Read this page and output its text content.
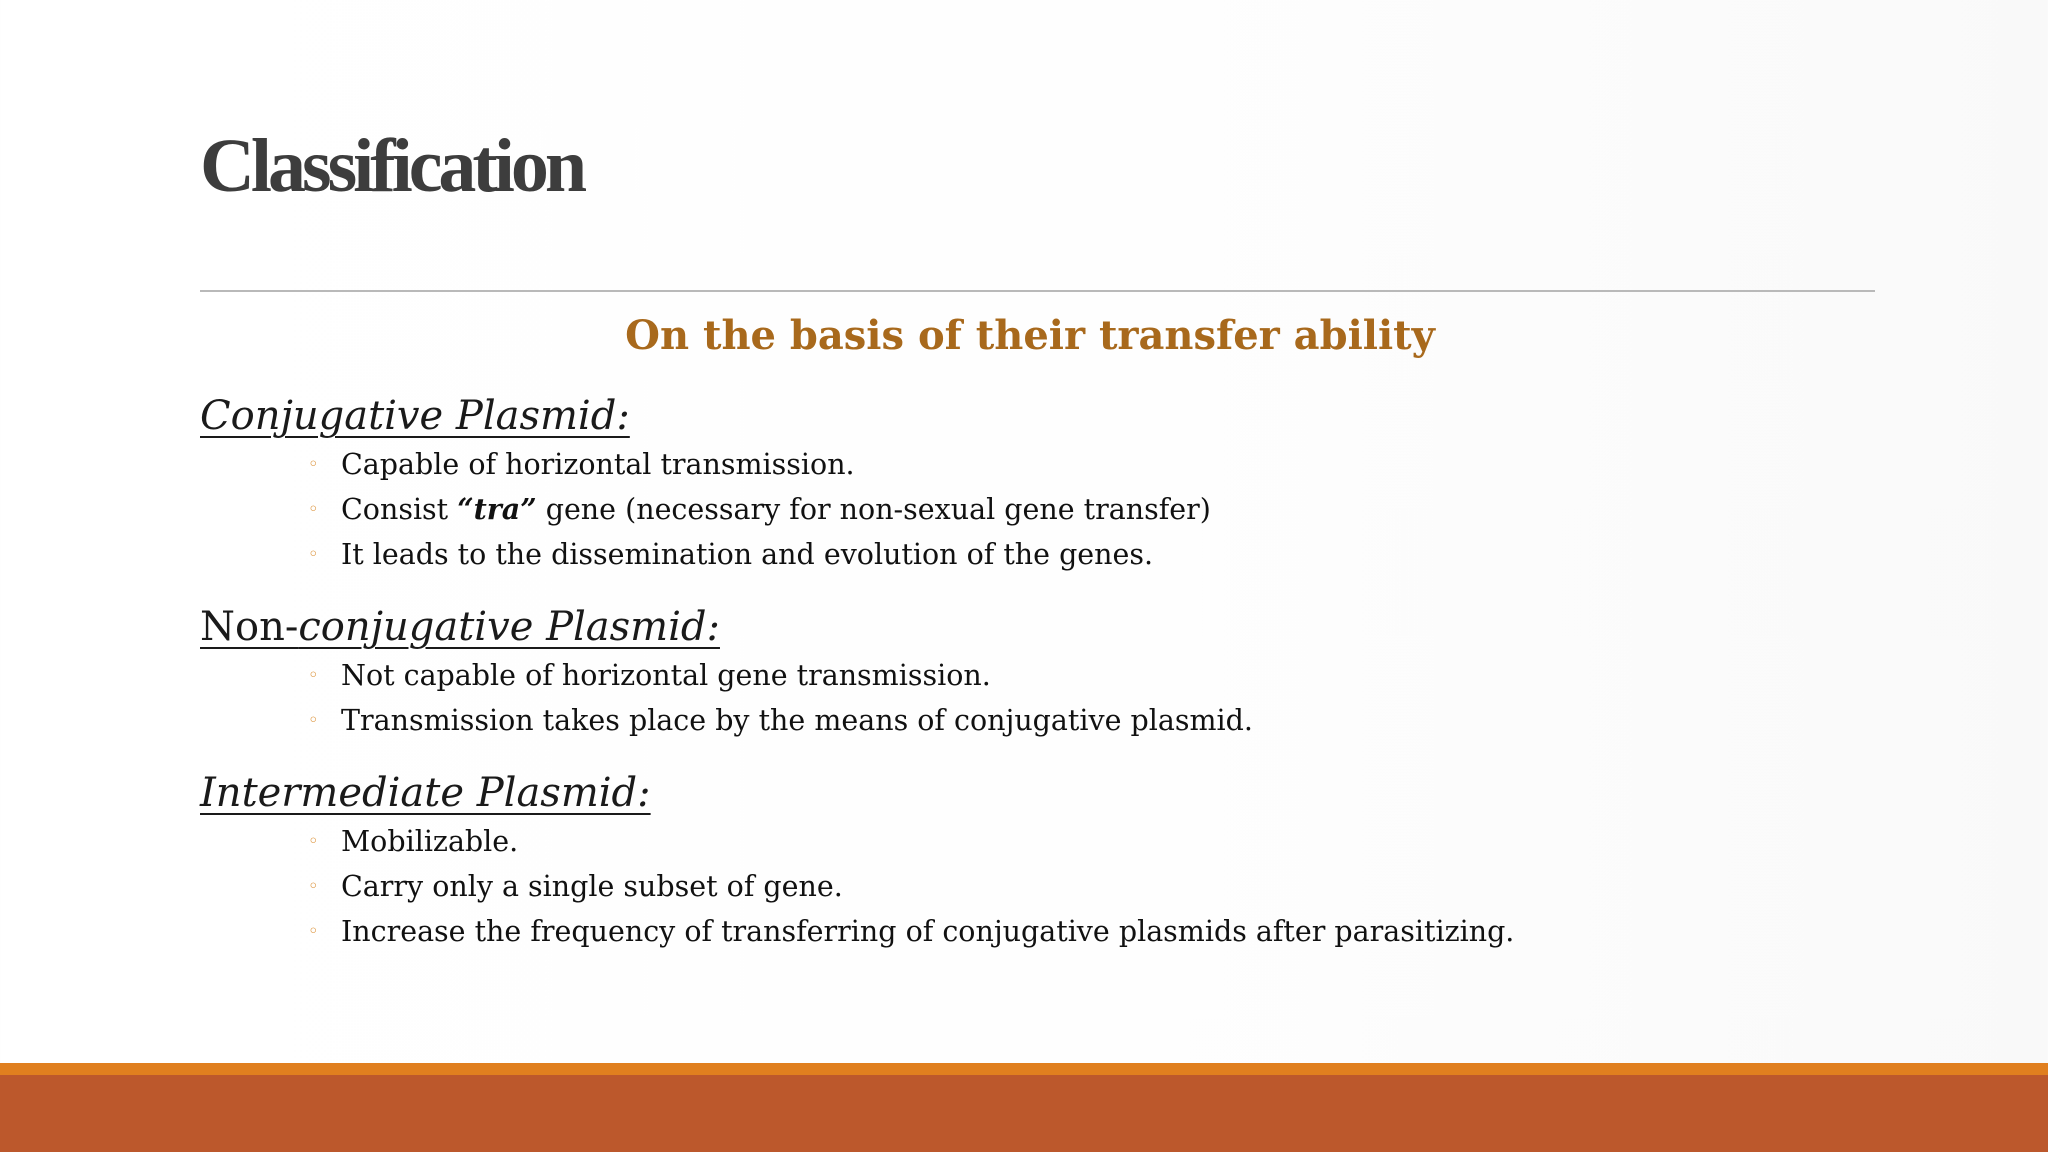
Classification
On the basis of their transfer ability
Conjugative Plasmid:
◦ Capable of horizontal transmission.
◦ Consist “tra” gene (necessary for non-sexual gene transfer)
◦ It leads to the dissemination and evolution of the genes.
Non-conjugative Plasmid:
◦ Not capable of horizontal gene transmission.
◦ Transmission takes place by the means of conjugative plasmid.
Intermediate Plasmid:
◦ Mobilizable.
◦ Carry only a single subset of gene.
◦ Increase the frequency of transferring of conjugative plasmids after parasitizing.
